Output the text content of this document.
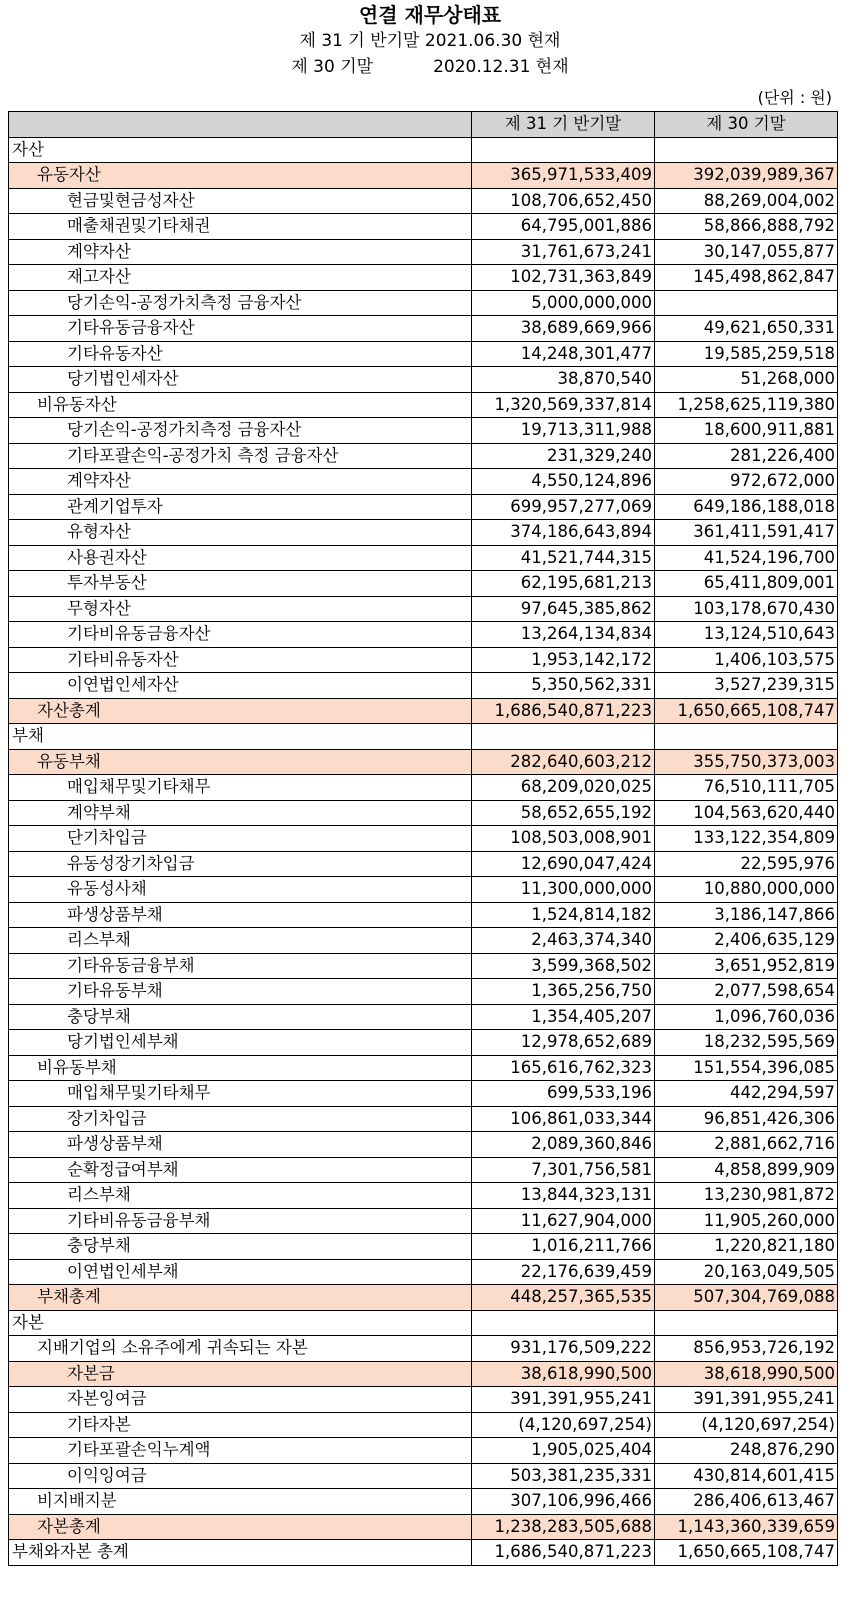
연결 재무상태표
제 31 기 반기말 2021.06.30 현재
제 30 기말	2020.12.31 현재
(단위 : 원)
	제 31 기 반기말	제 30 기말
자산		
유동자산	365,971,533,409	392,039,989,367
현금및현금성자산	108,706,652,450	88,269,004,002
매출채권및기타채권	64,795,001,886	58,866,888,792
계약자산	31,761,673,241	30,147,055,877
재고자산	102,731,363,849	145,498,862,847
당기손익-공정가치측정 금융자산	5,000,000,000	
기타유동금융자산	38,689,669,966	49,621,650,331
기타유동자산	14,248,301,477	19,585,259,518
당기법인세자산	38,870,540	51,268,000
비유동자산	1,320,569,337,814	1,258,625,119,380
당기손익-공정가치측정 금융자산	19,713,311,988	18,600,911,881
기타포괄손익-공정가치 측정 금융자산	231,329,240	281,226,400
계약자산	4,550,124,896	972,672,000
관계기업투자	699,957,277,069	649,186,188,018
유형자산	374,186,643,894	361,411,591,417
사용권자산	41,521,744,315	41,524,196,700
투자부동산	62,195,681,213	65,411,809,001
무형자산	97,645,385,862	103,178,670,430
기타비유동금융자산	13,264,134,834	13,124,510,643
기타비유동자산	1,953,142,172	1,406,103,575
이연법인세자산	5,350,562,331	3,527,239,315
자산총계	1,686,540,871,223	1,650,665,108,747
부채		
유동부채	282,640,603,212	355,750,373,003
매입채무및기타채무	68,209,020,025	76,510,111,705
계약부채	58,652,655,192	104,563,620,440
단기차입금	108,503,008,901	133,122,354,809
유동성장기차입금	12,690,047,424	22,595,976
유동성사채	11,300,000,000	10,880,000,000
파생상품부채	1,524,814,182	3,186,147,866
리스부채	2,463,374,340	2,406,635,129
기타유동금융부채	3,599,368,502	3,651,952,819
기타유동부채	1,365,256,750	2,077,598,654
충당부채	1,354,405,207	1,096,760,036
당기법인세부채	12,978,652,689	18,232,595,569
비유동부채	165,616,762,323	151,554,396,085
매입채무및기타채무	699,533,196	442,294,597
장기차입금	106,861,033,344	96,851,426,306
파생상품부채	2,089,360,846	2,881,662,716
순확정급여부채	7,301,756,581	4,858,899,909
리스부채	13,844,323,131	13,230,981,872
기타비유동금융부채	11,627,904,000	11,905,260,000
충당부채	1,016,211,766	1,220,821,180
이연법인세부채	22,176,639,459	20,163,049,505
부채총계	448,257,365,535	507,304,769,088
자본		
지배기업의 소유주에게 귀속되는 자본	931,176,509,222	856,953,726,192
자본금	38,618,990,500	38,618,990,500
자본잉여금	391,391,955,241	391,391,955,241
기타자본	(4,120,697,254)	(4,120,697,254)
기타포괄손익누계액	1,905,025,404	248,876,290
이익잉여금	503,381,235,331	430,814,601,415
비지배지분	307,106,996,466	286,406,613,467
자본총계	1,238,283,505,688	1,143,360,339,659
부채와자본 총계	1,686,540,871,223	1,650,665,108,747
